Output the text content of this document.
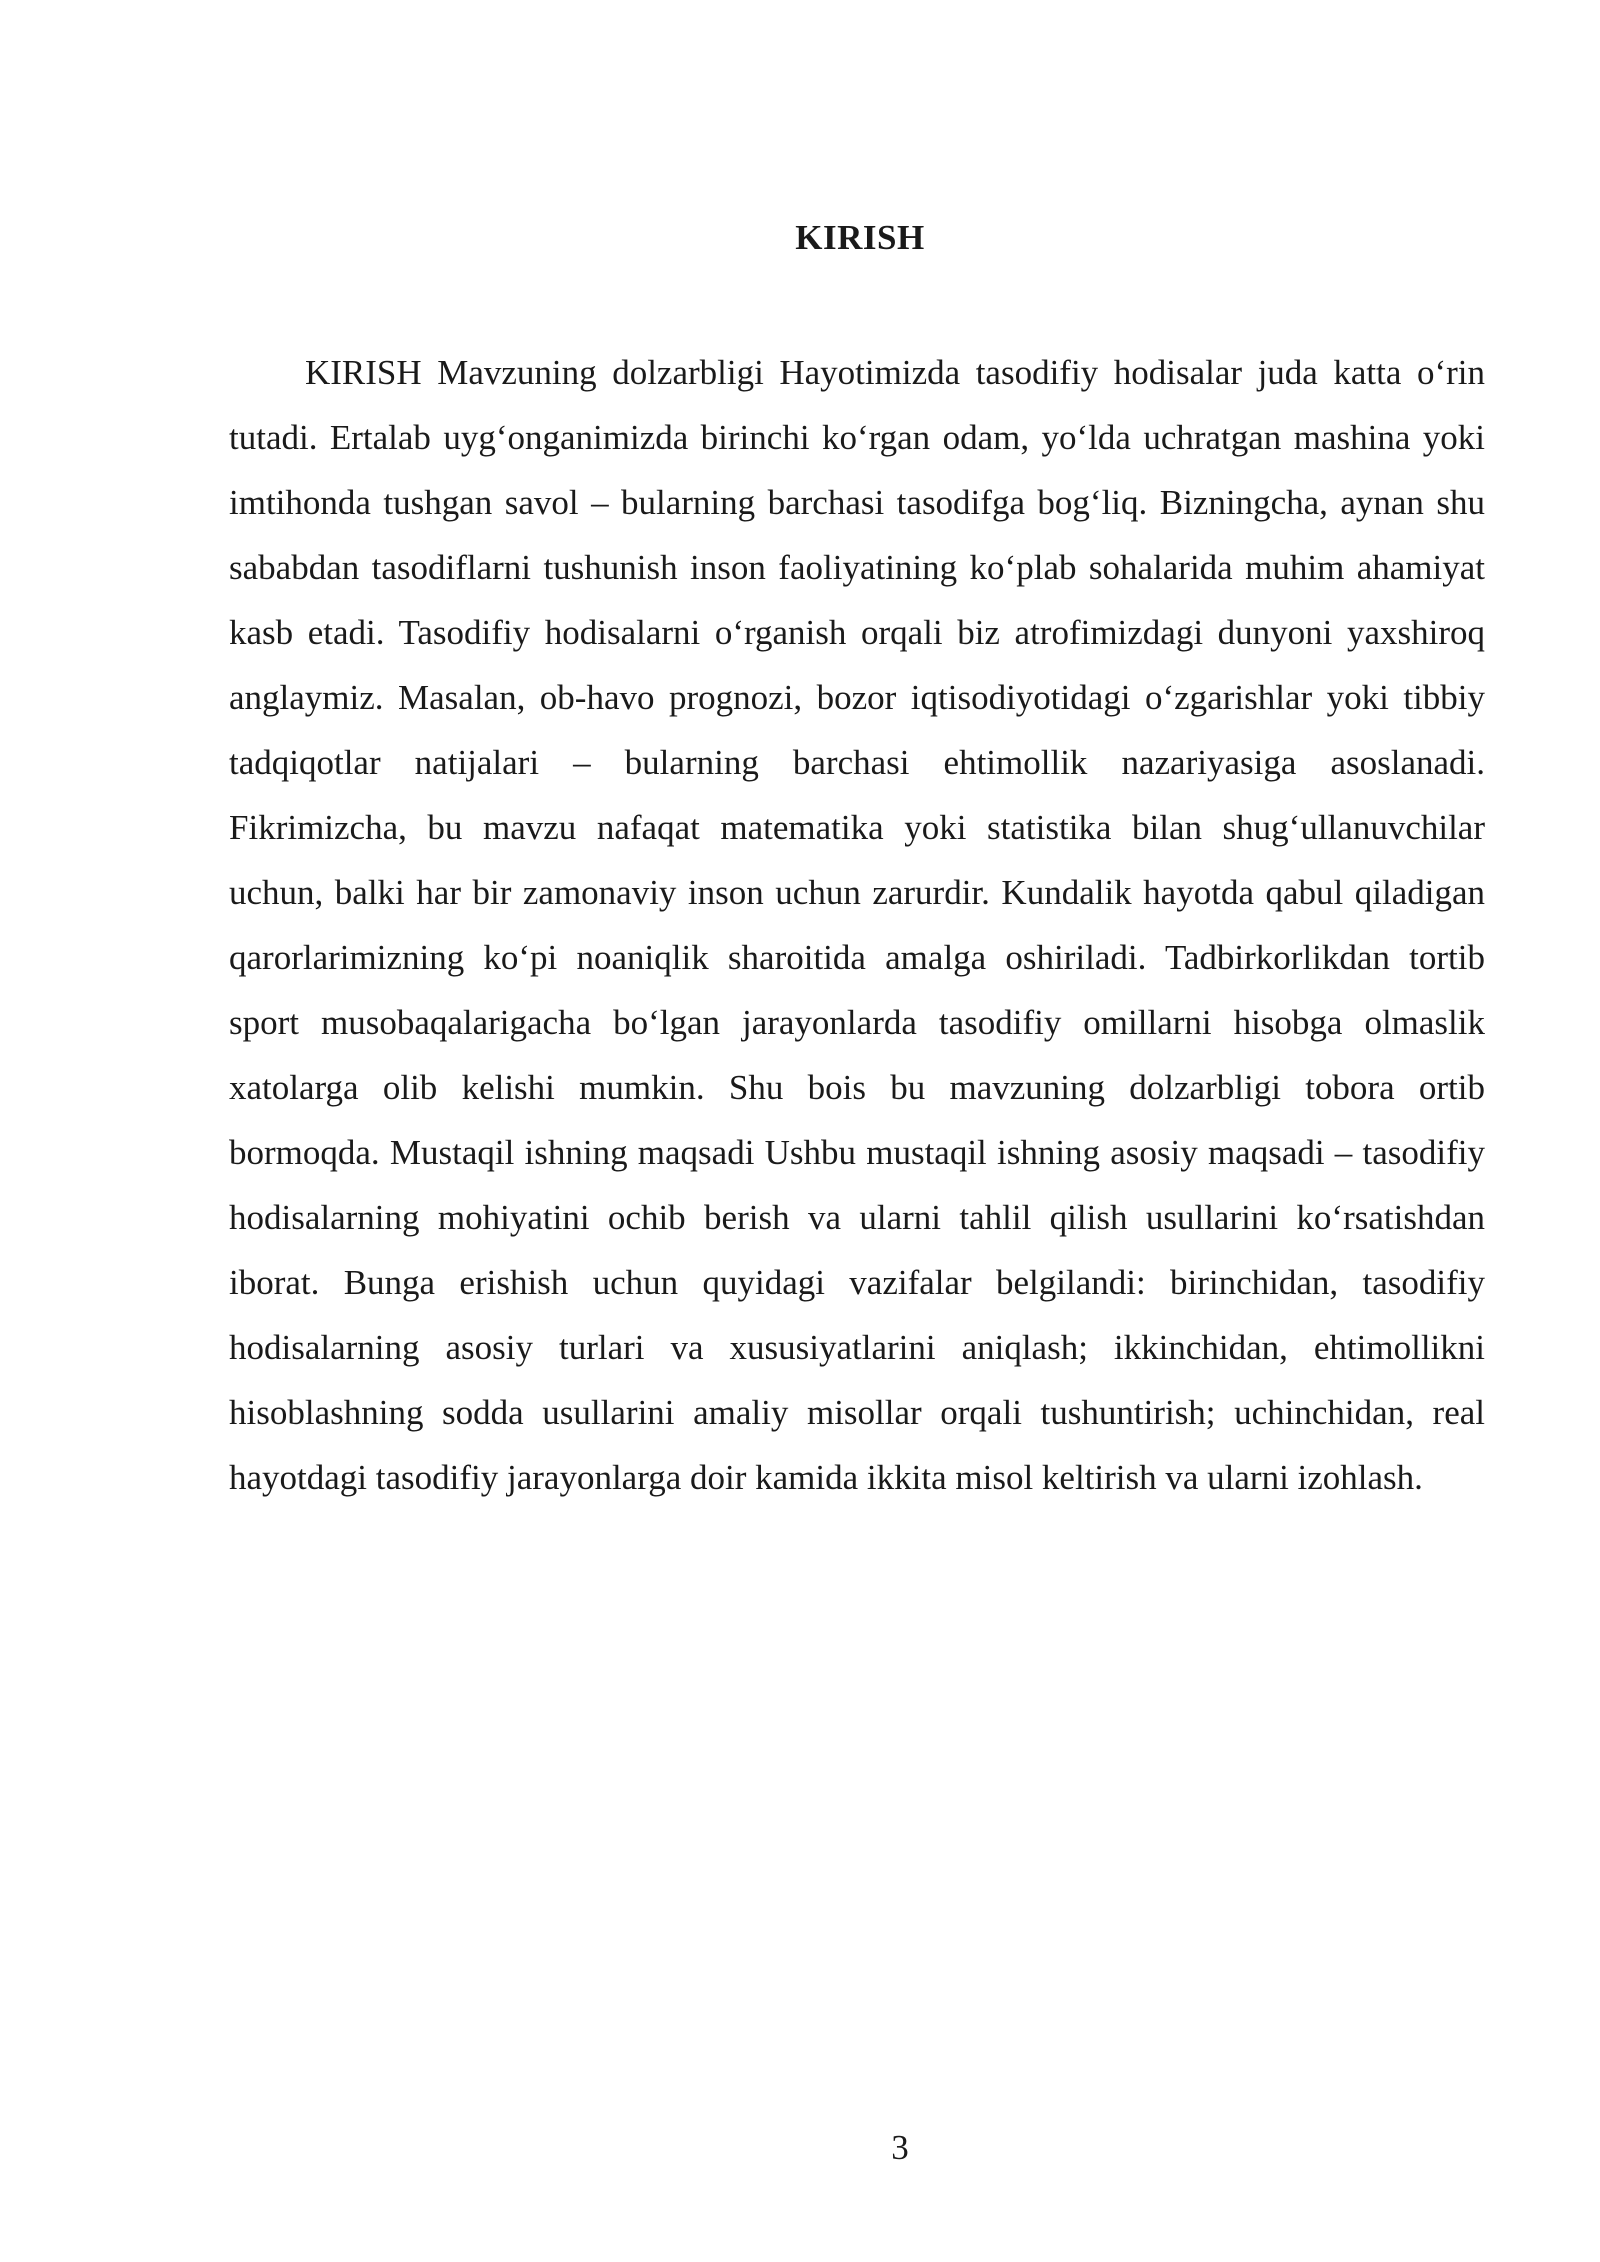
KIRISH

KIRISH Mavzuning dolzarbligi Hayotimizda tasodifiy hodisalar juda katta o‘rin tutadi. Ertalab uyg‘onganimizda birinchi ko‘rgan odam, yo‘lda uchratgan mashina yoki imtihonda tushgan savol – bularning barchasi tasodifga bog‘liq. Bizningcha, aynan shu sababdan tasodiflarni tushunish inson faoliyatining ko‘plab sohalarida muhim ahamiyat kasb etadi. Tasodifiy hodisalarni o‘rganish orqali biz atrofimizdagi dunyoni yaxshiroq anglaymiz. Masalan, ob-havo prognozi, bozor iqtisodiyotidagi o‘zgarishlar yoki tibbiy tadqiqotlar natijalari – bularning barchasi ehtimollik nazariyasiga asoslanadi. Fikrimizcha, bu mavzu nafaqat matematika yoki statistika bilan shug‘ullanuvchilar uchun, balki har bir zamonaviy inson uchun zarurdir. Kundalik hayotda qabul qiladigan qarorlarimizning ko‘pi noaniqlik sharoitida amalga oshiriladi. Tadbirkorlikdan tortib sport musobaqalarigacha bo‘lgan jarayonlarda tasodifiy omillarni hisobga olmaslik xatolarga olib kelishi mumkin. Shu bois bu mavzuning dolzarbligi tobora ortib bormoqda. Mustaqil ishning maqsadi Ushbu mustaqil ishning asosiy maqsadi – tasodifiy hodisalarning mohiyatini ochib berish va ularni tahlil qilish usullarini ko‘rsatishdan iborat. Bunga erishish uchun quyidagi vazifalar belgilandi: birinchidan, tasodifiy hodisalarning asosiy turlari va xususiyatlarini aniqlash; ikkinchidan, ehtimollikni hisoblashning sodda usullarini amaliy misollar orqali tushuntirish; uchinchidan, real hayotdagi tasodifiy jarayonlarga doir kamida ikkita misol keltirish va ularni izohlash.

3
